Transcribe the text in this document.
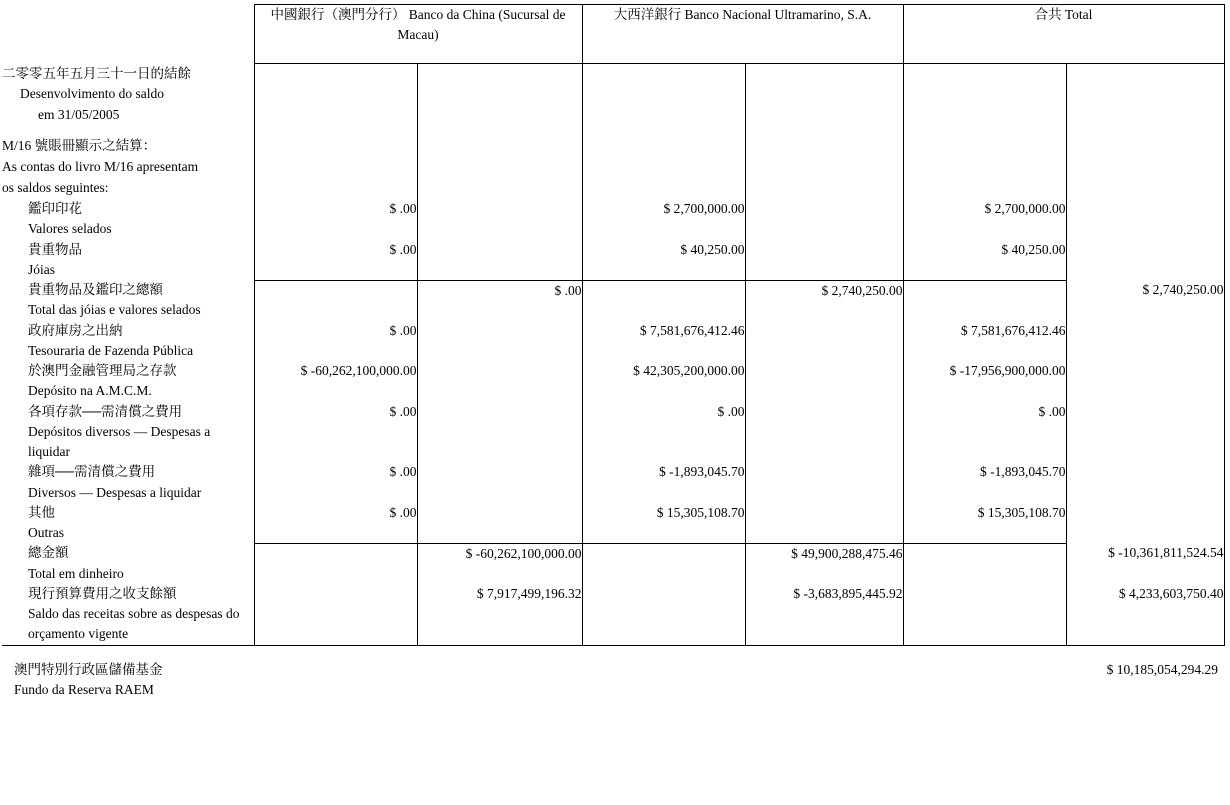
	中國銀行（澳門分行） Banco da China (Sucursal de Macau)		大西洋銀行 Banco Nacional Ultramarino, S.A.		合共 Total	

二零零五年五月三十一日的結餘
Desenvolvimento do saldo
em 31/05/2005
M/16 號賬冊顯示之結算：
As contas do livro M/16 apresentam
os saldos seguintes:

鑑印印花
Valores selados	$ .00		$ 2,700,000.00		$ 2,700,000.00	

貴重物品
Jóias	$ .00		$ 40,250.00		$ 40,250.00	

貴重物品及鑑印之總額
Total das jóias e valores selados		$ .00		$ 2,740,250.00		$ 2,740,250.00

政府庫房之出納
Tesouraria de Fazenda Pública	$ .00		$ 7,581,676,412.46		$ 7,581,676,412.46	

於澳門金融管理局之存款
Depósito na A.M.C.M.	$ -60,262,100,000.00		$ 42,305,200,000.00		$ -17,956,900,000.00	

各項存款──需清償之費用
Depósitos diversos — Despesas a liquidar	$ .00		$ .00		$ .00	

雜項──需清償之費用
Diversos — Despesas a liquidar	$ .00		$ -1,893,045.70		$ -1,893,045.70	

其他
Outras	$ .00		$ 15,305,108.70		$ 15,305,108.70	

總金額
Total em dinheiro		$ -60,262,100,000.00		$ 49,900,288,475.46		$ -10,361,811,524.54

現行預算費用之收支餘額
Saldo das receitas sobre as despesas do orçamento vigente		$ 7,917,499,196.32		$ -3,683,895,445.92		$ 4,233,603,750.40
澳門特別行政區儲備基金
Fundo da Reserva RAEM
$ 10,185,054,294.29
